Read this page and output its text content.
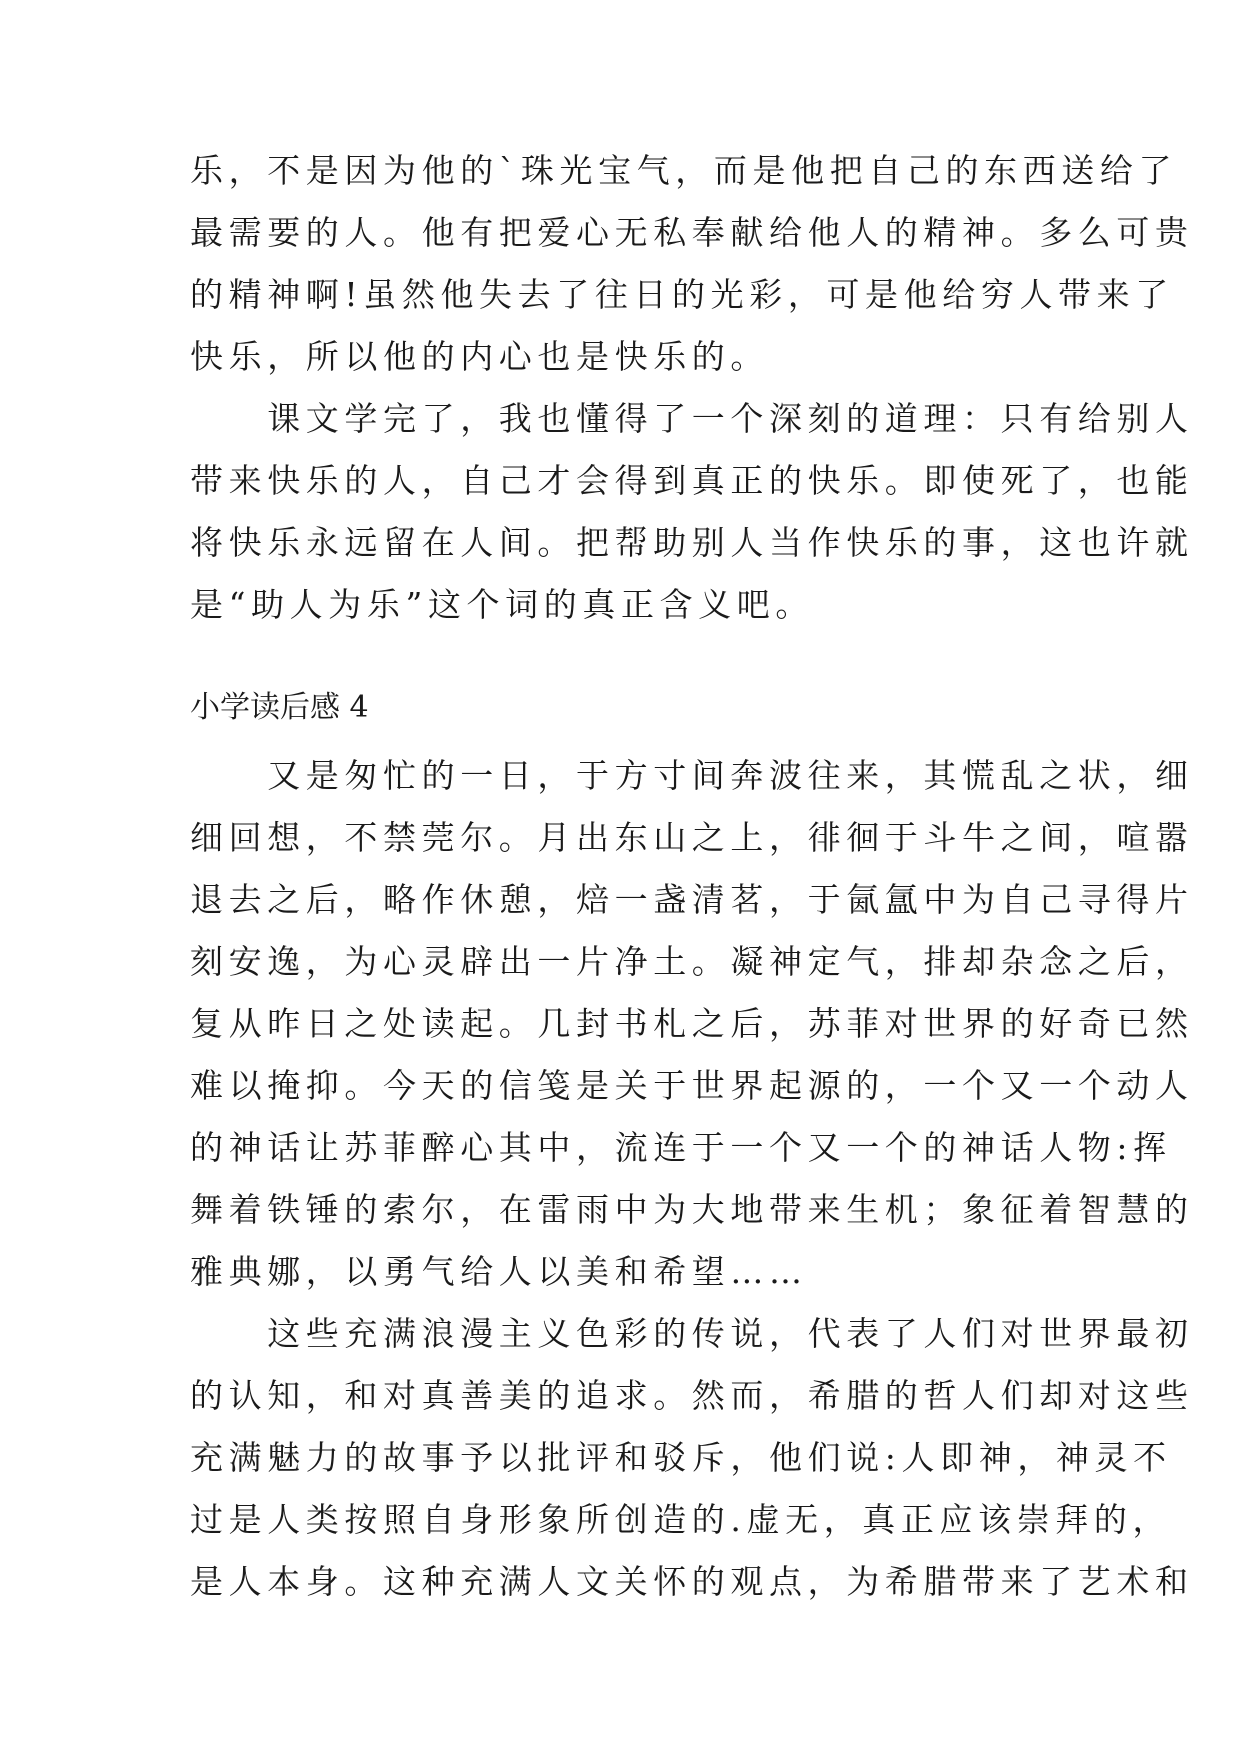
乐，不是因为他的`珠光宝气，而是他把自己的东西送给了
最需要的人。他有把爱心无私奉献给他人的精神。多么可贵
的精神啊!虽然他失去了往日的光彩，可是他给穷人带来了
快乐，所以他的内心也是快乐的。
　　课文学完了，我也懂得了一个深刻的道理：只有给别人
带来快乐的人，自己才会得到真正的快乐。即使死了，也能
将快乐永远留在人间。把帮助别人当作快乐的事，这也许就
是“助人为乐”这个词的真正含义吧。
小学读后感 4
　　又是匆忙的一日，于方寸间奔波往来，其慌乱之状，细
细回想，不禁莞尔。月出东山之上，徘徊于斗牛之间，喧嚣
退去之后，略作休憩，焙一盏清茗，于氤氲中为自己寻得片
刻安逸，为心灵辟出一片净土。凝神定气，排却杂念之后，
复从昨日之处读起。几封书札之后，苏菲对世界的好奇已然
难以掩抑。今天的信笺是关于世界起源的，一个又一个动人
的神话让苏菲醉心其中，流连于一个又一个的神话人物:挥
舞着铁锤的索尔，在雷雨中为大地带来生机；象征着智慧的
雅典娜，以勇气给人以美和希望……
　　这些充满浪漫主义色彩的传说，代表了人们对世界最初
的认知，和对真善美的追求。然而，希腊的哲人们却对这些
充满魅力的故事予以批评和驳斥，他们说:人即神，神灵不
过是人类按照自身形象所创造的.虚无，真正应该崇拜的，
是人本身。这种充满人文关怀的观点，为希腊带来了艺术和
